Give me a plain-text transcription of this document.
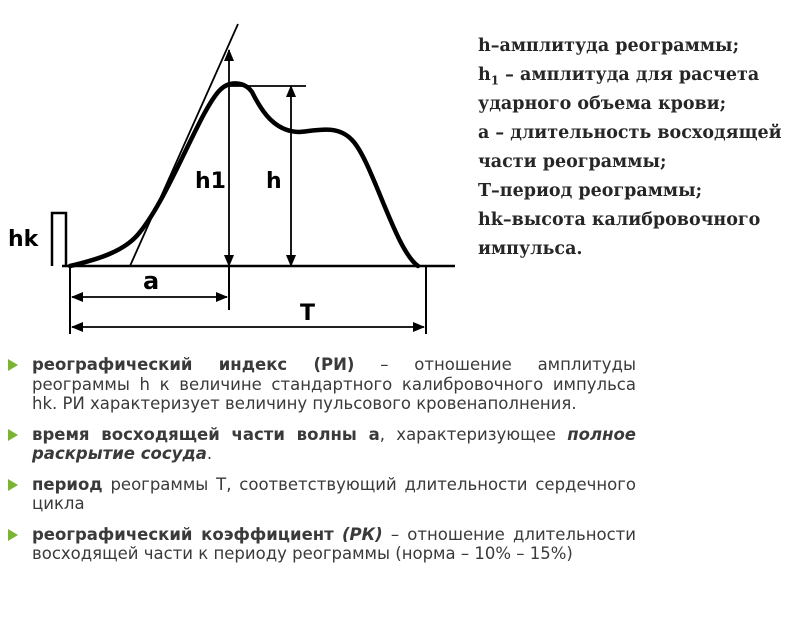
hk
h1 h
a
T
h–амплитуда реограммы;
$h_1$ – амплитуда для расчета
ударного объема крови;
а – длительность восходящей
части реограммы;
Т–период реограммы;
hk–высота калибровочного
импульса.
реографический индекс (РИ) – отношение амплитуды реограммы h к величине стандартного калибровочного импульса hk. РИ характеризует величину пульсового кровенаполнения.
время восходящей части волны а, характеризующее полное раскрытие сосуда.
период реограммы Т, соответствующий длительности сердечного цикла
реографический коэффициент (РК) – отношение длительности восходящей части к периоду реограммы (норма – 10% – 15%)
